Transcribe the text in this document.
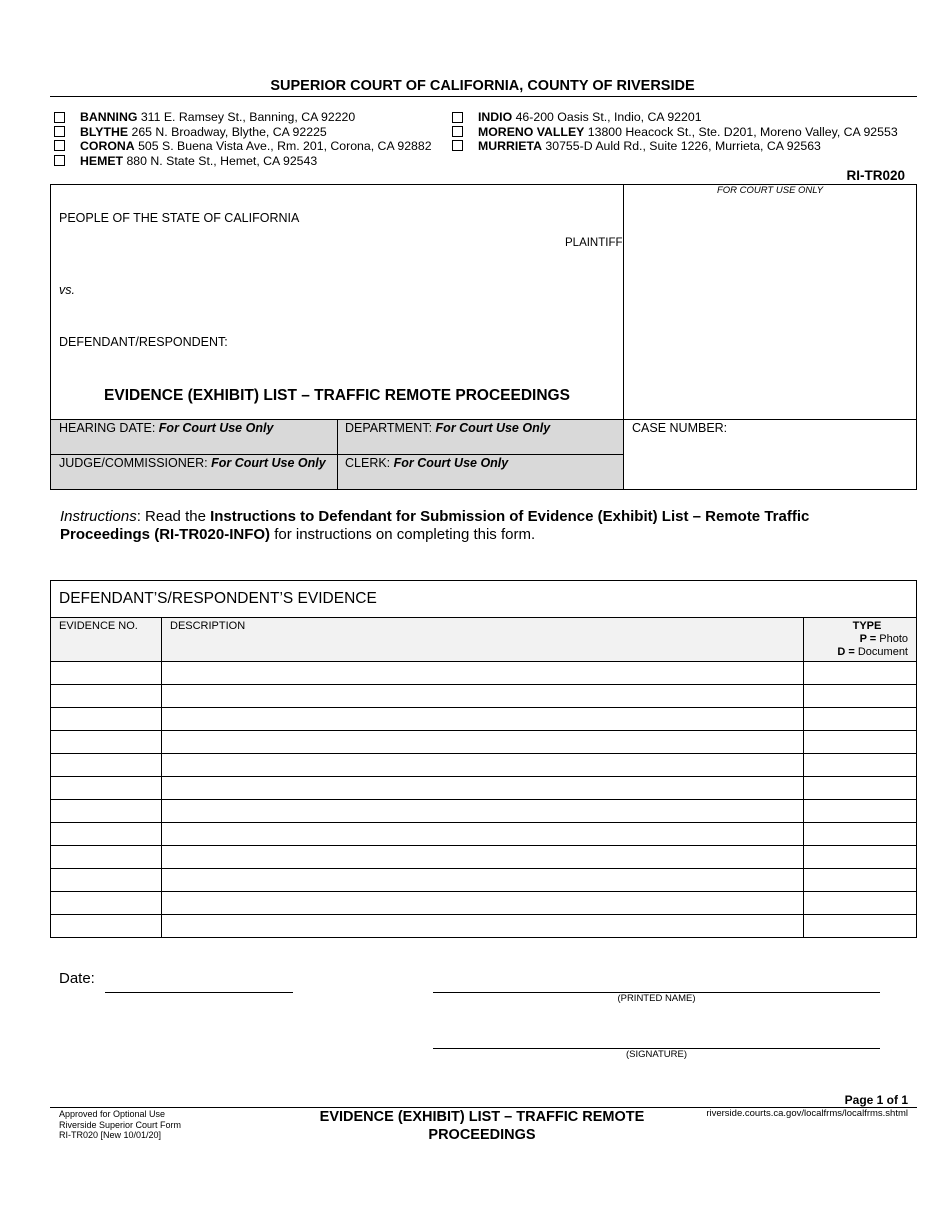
SUPERIOR COURT OF CALIFORNIA, COUNTY OF RIVERSIDE
BANNING 311 E. Ramsey St., Banning, CA 92220
BLYTHE 265 N. Broadway, Blythe, CA 92225
CORONA 505 S. Buena Vista Ave., Rm. 201, Corona, CA 92882
HEMET 880 N. State St., Hemet, CA 92543
INDIO 46-200 Oasis St., Indio, CA 92201
MORENO VALLEY 13800 Heacock St., Ste. D201, Moreno Valley, CA 92553
MURRIETA 30755-D Auld Rd., Suite 1226, Murrieta, CA 92563
RI-TR020
FOR COURT USE ONLY
PEOPLE OF THE STATE OF CALIFORNIA
PLAINTIFF
vs.
DEFENDANT/RESPONDENT:
EVIDENCE (EXHIBIT) LIST – TRAFFIC REMOTE PROCEEDINGS
HEARING DATE: For Court Use Only	DEPARTMENT: For Court Use Only
JUDGE/COMMISSIONER: For Court Use Only CLERK: For Court Use Only
CASE NUMBER:
Instructions: Read the Instructions to Defendant for Submission of Evidence (Exhibit) List – Remote Traffic Proceedings (RI-TR020-INFO) for instructions on completing this form.
DEFENDANT’S/RESPONDENT’S EVIDENCE		
EVIDENCE NO.	DESCRIPTION	TYPE
P = Photo
D = Document

Date:
(PRINTED NAME)
(SIGNATURE)
Page 1 of 1
Approved for Optional Use
Riverside Superior Court Form
RI-TR020 [New 10/01/20]
EVIDENCE (EXHIBIT) LIST – TRAFFIC REMOTE
PROCEEDINGS
riverside.courts.ca.gov/localfrms/localfrms.shtml
